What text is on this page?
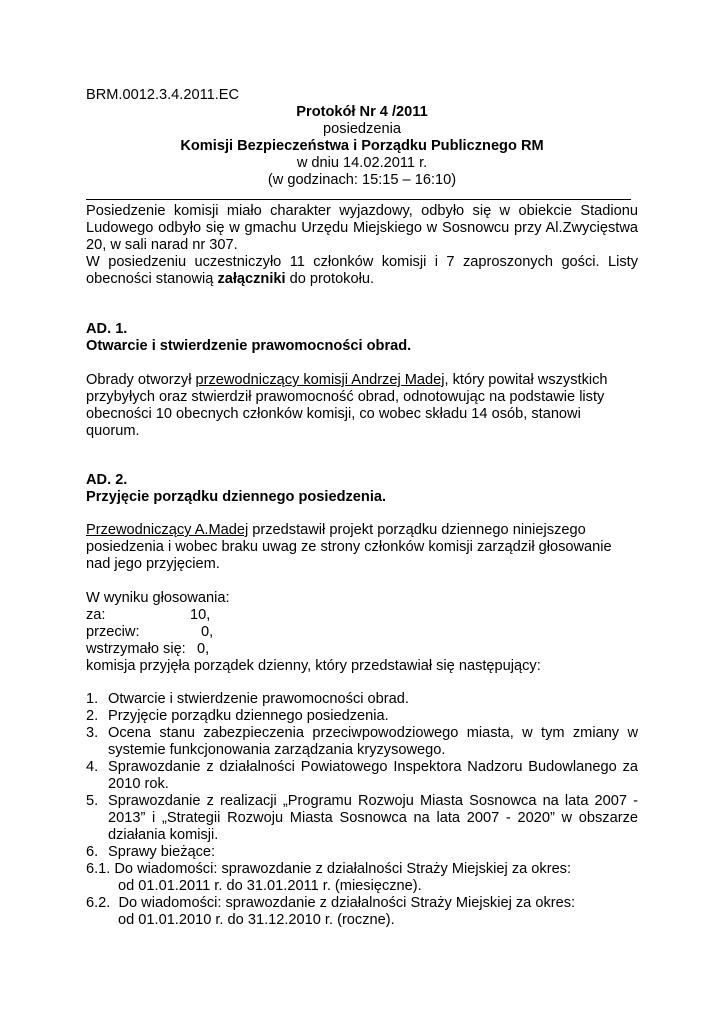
BRM.0012.3.4.2011.EC
Protokół Nr 4 /2011
posiedzenia
Komisji Bezpieczeństwa i Porządku Publicznego RM
w dniu 14.02.2011 r.
(w godzinach: 15:15 – 16:10)
Posiedzenie komisji miało charakter wyjazdowy, odbyło się w obiekcie Stadionu
Ludowego odbyło się w gmachu Urzędu Miejskiego w Sosnowcu przy Al.Zwycięstwa
20, w sali narad nr 307.
W posiedzeniu uczestniczyło 11 członków komisji i 7 zaproszonych gości. Listy
obecności stanowią załączniki do protokołu.
AD. 1.
Otwarcie i stwierdzenie prawomocności obrad.
Obrady otworzył przewodniczący komisji Andrzej Madej, który powitał wszystkich
przybyłych oraz stwierdził prawomocność obrad, odnotowując na podstawie listy
obecności 10 obecnych członków komisji, co wobec składu 14 osób, stanowi
quorum.
AD. 2.
Przyjęcie porządku dziennego posiedzenia.
Przewodniczący A.Madej przedstawił projekt porządku dziennego niniejszego
posiedzenia i wobec braku uwag ze strony członków komisji zarządził głosowanie
nad jego przyjęciem.
W wyniku głosowania:
za:	10,
przeciw:	0,
wstrzymało się: 0,
komisja przyjęła porządek dzienny, który przedstawiał się następujący:
1. Otwarcie i stwierdzenie prawomocności obrad.
2. Przyjęcie porządku dziennego posiedzenia.
3. Ocena stanu zabezpieczenia przeciwpowodziowego miasta, w tym zmiany w
systemie funkcjonowania zarządzania kryzysowego.
4. Sprawozdanie z działalności Powiatowego Inspektora Nadzoru Budowlanego za
2010 rok.
5. Sprawozdanie z realizacji „Programu Rozwoju Miasta Sosnowca na lata 2007 -
2013” i „Strategii Rozwoju Miasta Sosnowca na lata 2007 - 2020” w obszarze
działania komisji.
6. Sprawy bieżące:
6.1. Do wiadomości: sprawozdanie z działalności Straży Miejskiej za okres:
od 01.01.2011 r. do 31.01.2011 r. (miesięczne).
6.2.  Do wiadomości: sprawozdanie z działalności Straży Miejskiej za okres:
od 01.01.2010 r. do 31.12.2010 r. (roczne).
